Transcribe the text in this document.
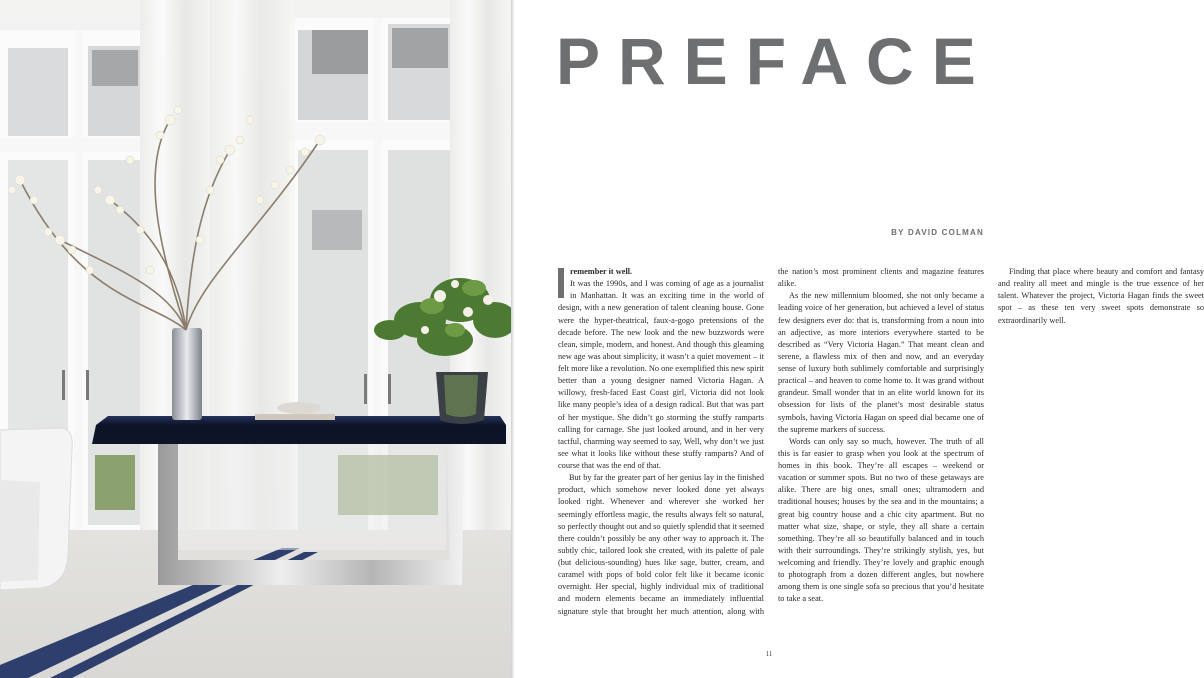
PREFACE
BY DAVID COLMAN

remember it well.
It was the 1990s, and I was coming of age as a journalist in Manhattan. It was an exciting time in the world of design, with a new generation of talent cleaning house. Gone were the hyper-theatrical, faux-a-gogo pretensions of the decade before. The new look and the new buzzwords were clean, simple, modern, and honest. And though this gleaming new age was about simplicity, it wasn’t a quiet movement – it felt more like a revolution. No one exemplified this new spirit better than a young designer named Victoria Hagan. A willowy, fresh-faced East Coast girl, Victoria did not look like many people’s idea of a design radical. But that was part of her mystique. She didn’t go storming the stuffy ramparts calling for carnage. She just looked around, and in her very tactful, charming way seemed to say, Well, why don’t we just see what it looks like without these stuffy ramparts? And of course that was the end of that.

But by far the greater part of her genius lay in the finished product, which somehow never looked done yet always looked right. Whenever and wherever she worked her seemingly effortless magic, the results always felt so natural, so perfectly thought out and so quietly splendid that it seemed there couldn’t possibly be any other way to approach it. The subtly chic, tailored look she created, with its palette of pale (but delicious-sounding) hues like sage, butter, cream, and caramel with pops of bold color felt like it became iconic overnight. Her special, highly individual mix of traditional and modern elements became an immediately influential signature style that brought her much attention, along with the nation’s most prominent clients and magazine features alike.

As the new millennium bloomed, she not only became a leading voice of her generation, but achieved a level of status few designers ever do: that is, transforming from a noun into an adjective, as more interiors everywhere started to be described as “Very Victoria Hagan.” That meant clean and serene, a flawless mix of then and now, and an everyday sense of luxury both sublimely comfortable and surprisingly practical – and heaven to come home to. It was grand without grandeur. Small wonder that in an elite world known for its obsession for lists of the planet’s most desirable status symbols, having Victoria Hagan on speed dial became one of the supreme markers of success.

Words can only say so much, however. The truth of all this is far easier to grasp when you look at the spectrum of homes in this book. They’re all escapes – weekend or vacation or summer spots. But no two of these getaways are alike. There are big ones, small ones; ultramodern and traditional houses; houses by the sea and in the mountains; a great big country house and a chic city apartment. But no matter what size, shape, or style, they all share a certain something. They’re all so beautifully balanced and in touch with their surroundings. They’re strikingly stylish, yes, but welcoming and friendly. They’re lovely and graphic enough to photograph from a dozen different angles, but nowhere among them is one single sofa so precious that you’d hesitate to take a seat.

Finding that place where beauty and comfort and fantasy and reality all meet and mingle is the true essence of her talent. Whatever the project, Victoria Hagan finds the sweet spot – as these ten very sweet spots demonstrate so extraordinarily well.

11
